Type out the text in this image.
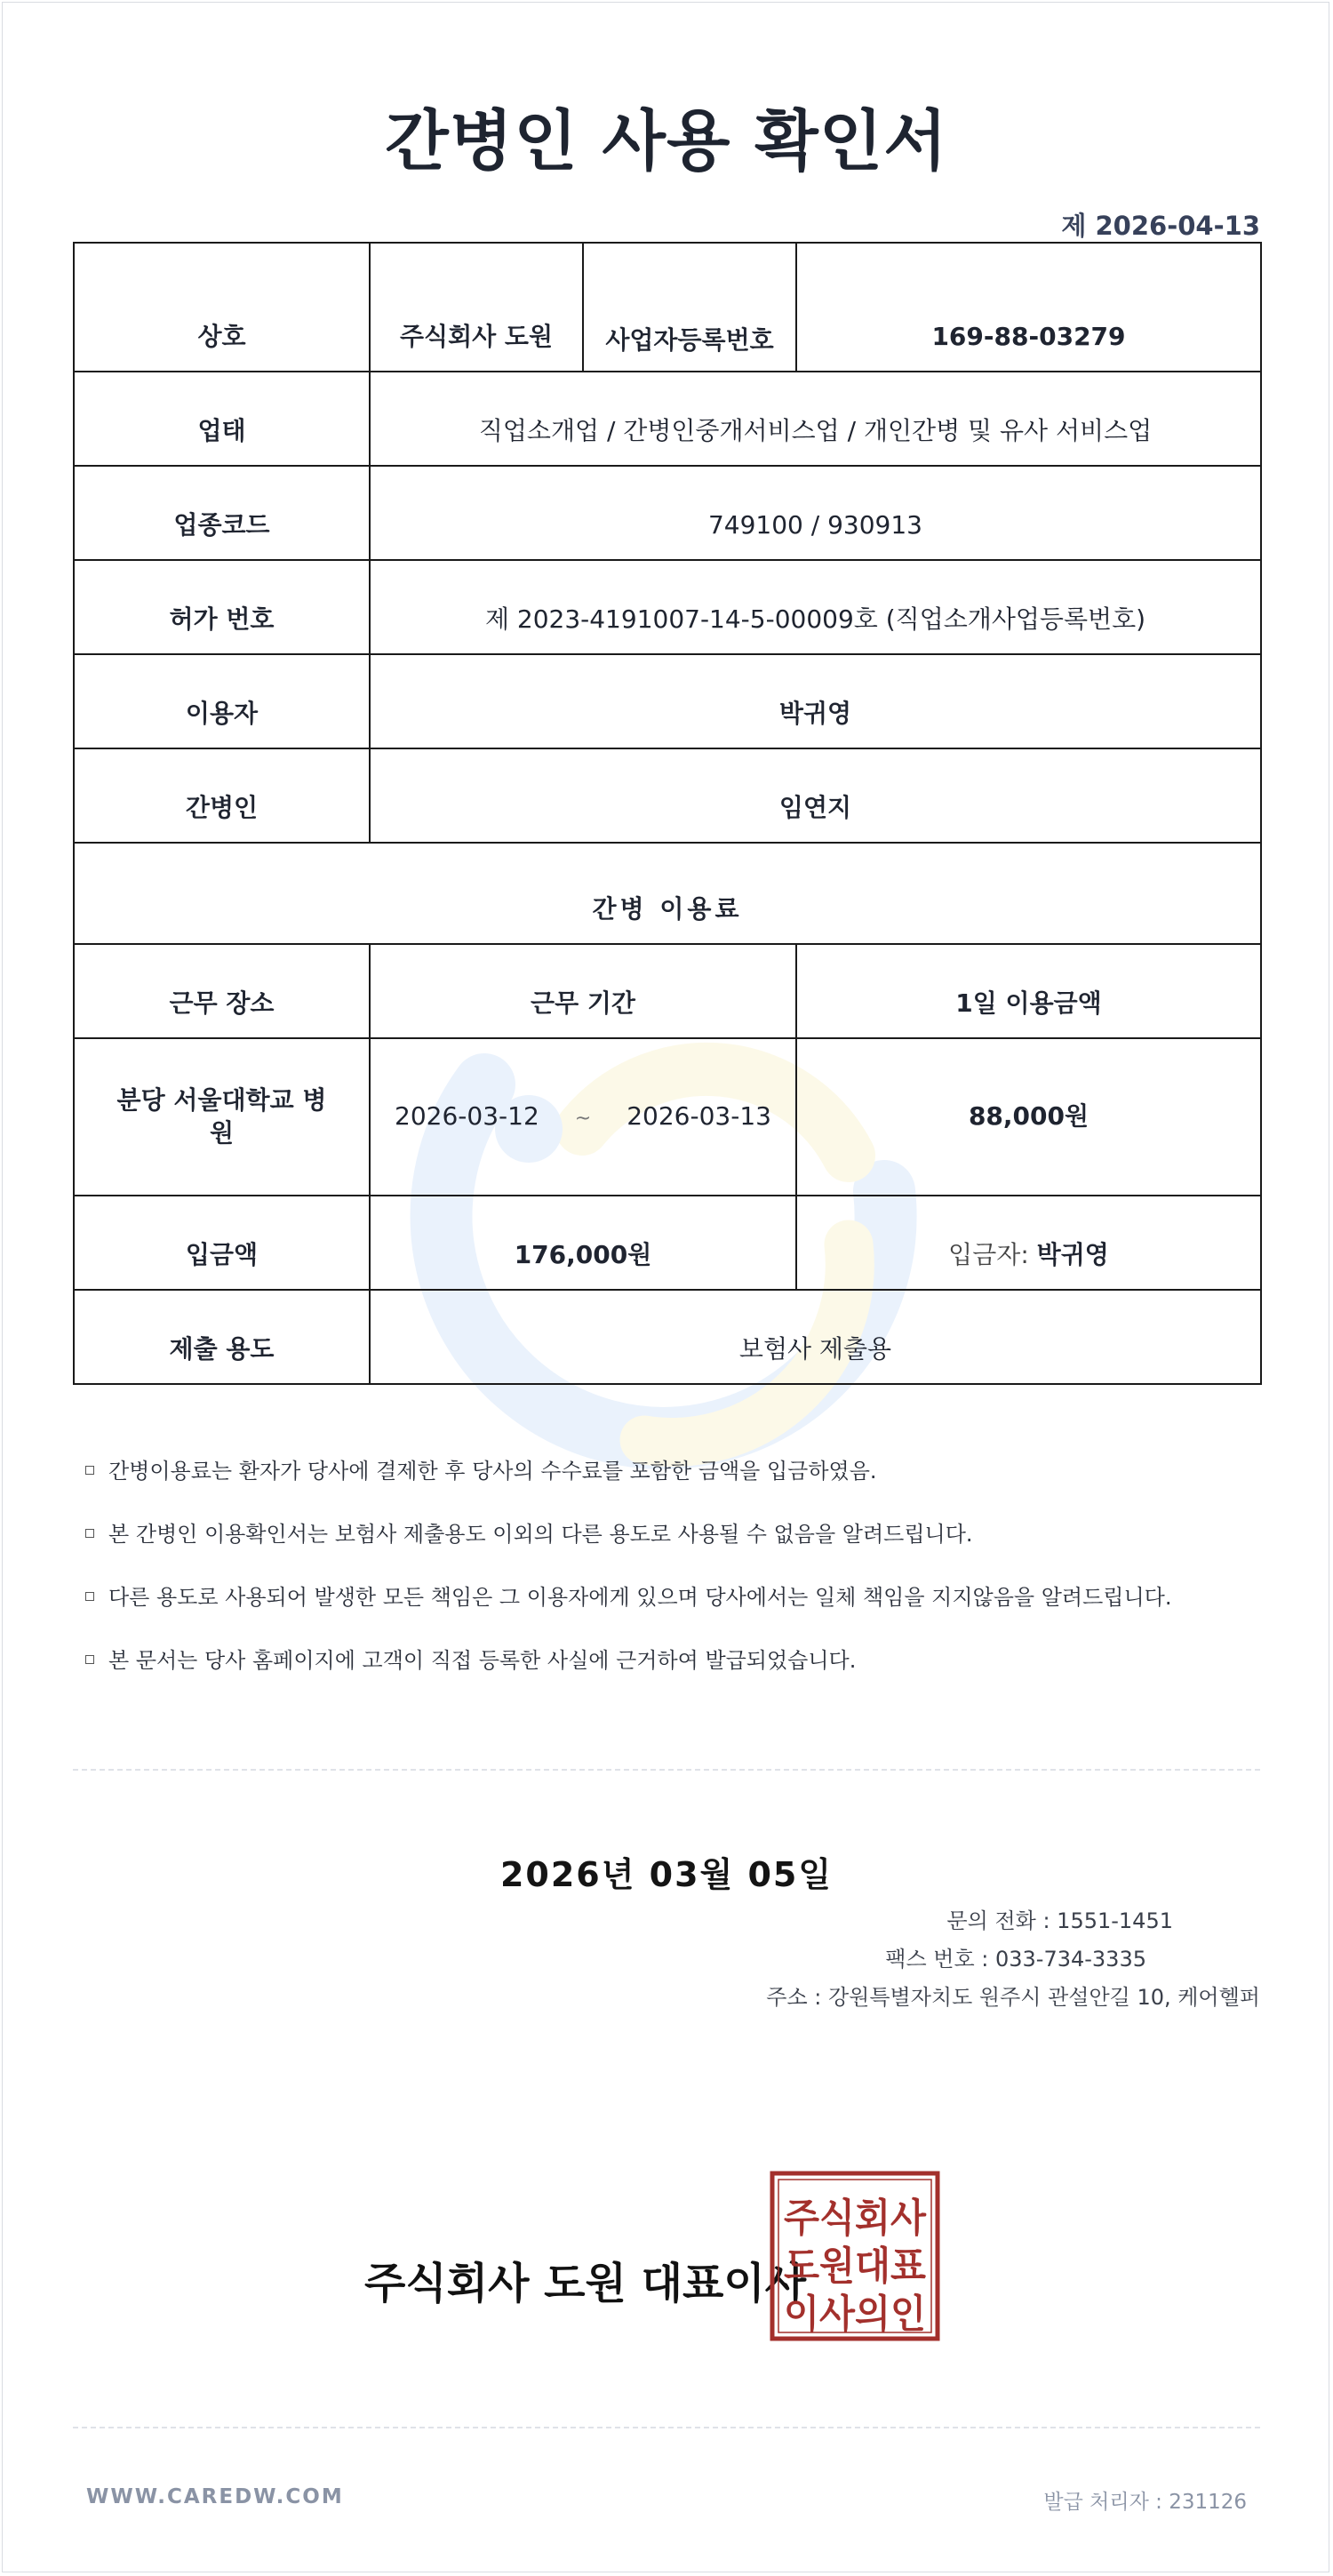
간병인 사용 확인서
제 2026-04-13
상호	주식회사 도원	사업자등록번호	169-88-03279
업태	직업소개업 / 간병인중개서비스업 / 개인간병 및 유사 서비스업		
업종코드	749100 / 930913		
허가 번호	제 2023-4191007-14-5-00009호 (직업소개사업등록번호)		
이용자	박귀영		
간병인	임연지		
간병 이용료			
근무 장소	근무 기간		1일 이용금액
분당 서울대학교 병원	2026-03-12 ~ 2026-03-13		88,000원
입금액	176,000원		입금자: 박귀영
제출 용도	보험사 제출용		
간병이용료는 환자가 당사에 결제한 후 당사의 수수료를 포함한 금액을 입금하였음.
본 간병인 이용확인서는 보험사 제출용도 이외의 다른 용도로 사용될 수 없음을 알려드립니다.
다른 용도로 사용되어 발생한 모든 책임은 그 이용자에게 있으며 당사에서는 일체 책임을 지지않음을 알려드립니다.
본 문서는 당사 홈페이지에 고객이 직접 등록한 사실에 근거하여 발급되었습니다.
2026년 03월 05일
문의 전화 : 1551-1451
팩스 번호 : 033-734-3335
주소 : 강원특별자치도 원주시 관설안길 10, 케어헬퍼
주식회사 도원 대표이사
주식회사
도원대표
이사의인
WWW.CAREDW.COM	발급 처리자 : 231126
